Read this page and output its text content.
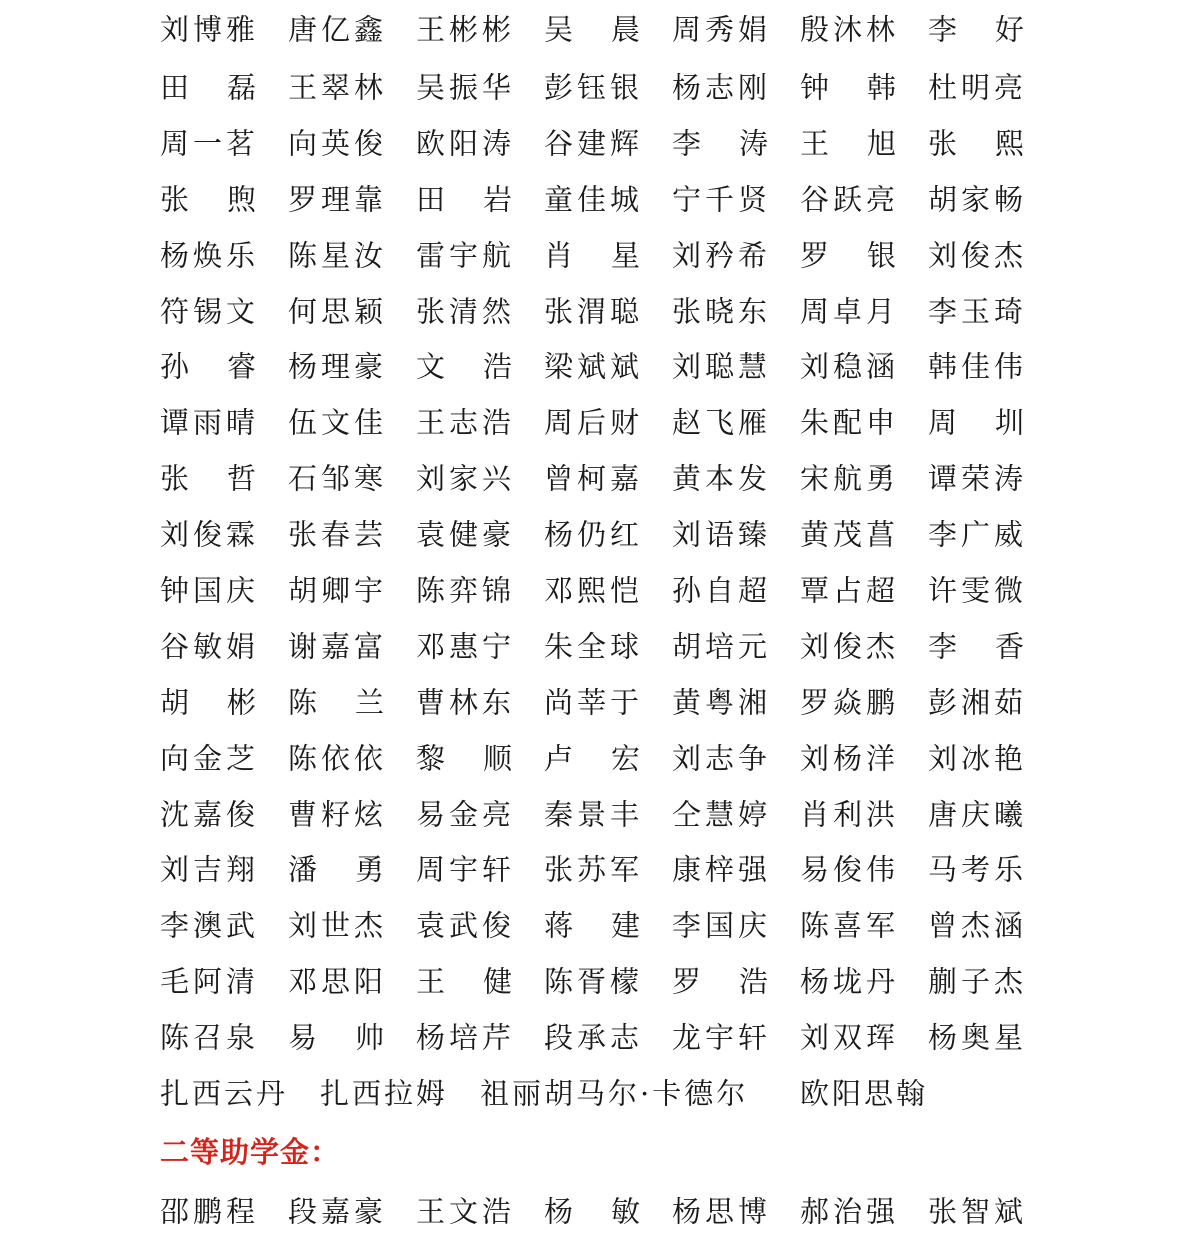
刘博雅 唐亿鑫 王彬彬 吴 晨 周秀娟 殷沐林 李 好
田 磊 王翠林 吴振华 彭钰银 杨志刚 钟 韩 杜明亮
周一茗 向英俊 欧阳涛 谷建辉 李 涛 王 旭 张 熙
张 煦 罗理靠 田 岩 童佳城 宁千贤 谷跃亮 胡家畅
杨焕乐 陈星汝 雷宇航 肖 星 刘矜希 罗 银 刘俊杰
符锡文 何思颖 张清然 张渭聪 张晓东 周卓月 李玉琦
孙 睿 杨理豪 文 浩 梁斌斌 刘聪慧 刘稳涵 韩佳伟
谭雨晴 伍文佳 王志浩 周后财 赵飞雁 朱配申 周 圳
张 哲 石邹寒 刘家兴 曾柯嘉 黄本发 宋航勇 谭荣涛
刘俊霖 张春芸 袁健豪 杨仍红 刘语臻 黄茂菖 李广威
钟国庆 胡卿宇 陈弈锦 邓熙恺 孙自超 覃占超 许雯微
谷敏娟 谢嘉富 邓惠宁 朱全球 胡培元 刘俊杰 李 香
胡 彬 陈 兰 曹林东 尚莘于 黄粤湘 罗焱鹏 彭湘茹
向金芝 陈依依 黎 顺 卢 宏 刘志争 刘杨洋 刘冰艳
沈嘉俊 曹籽炫 易金亮 秦景丰 仝慧婷 肖利洪 唐庆曦
刘吉翔 潘 勇 周宇轩 张苏军 康梓强 易俊伟 马考乐
李澳武 刘世杰 袁武俊 蒋 建 李国庆 陈喜军 曾杰涵
毛阿清 邓思阳 王 健 陈胥檬 罗 浩 杨垅丹 蒯子杰
陈召泉 易 帅 杨培芹 段承志 龙宇轩 刘双珲 杨奥星
扎西云丹 扎西拉姆 祖丽胡马尔·卡德尔 欧阳思翰
二等助学金：
邵鹏程 段嘉豪 王文浩 杨 敏 杨思博 郝治强 张智斌
